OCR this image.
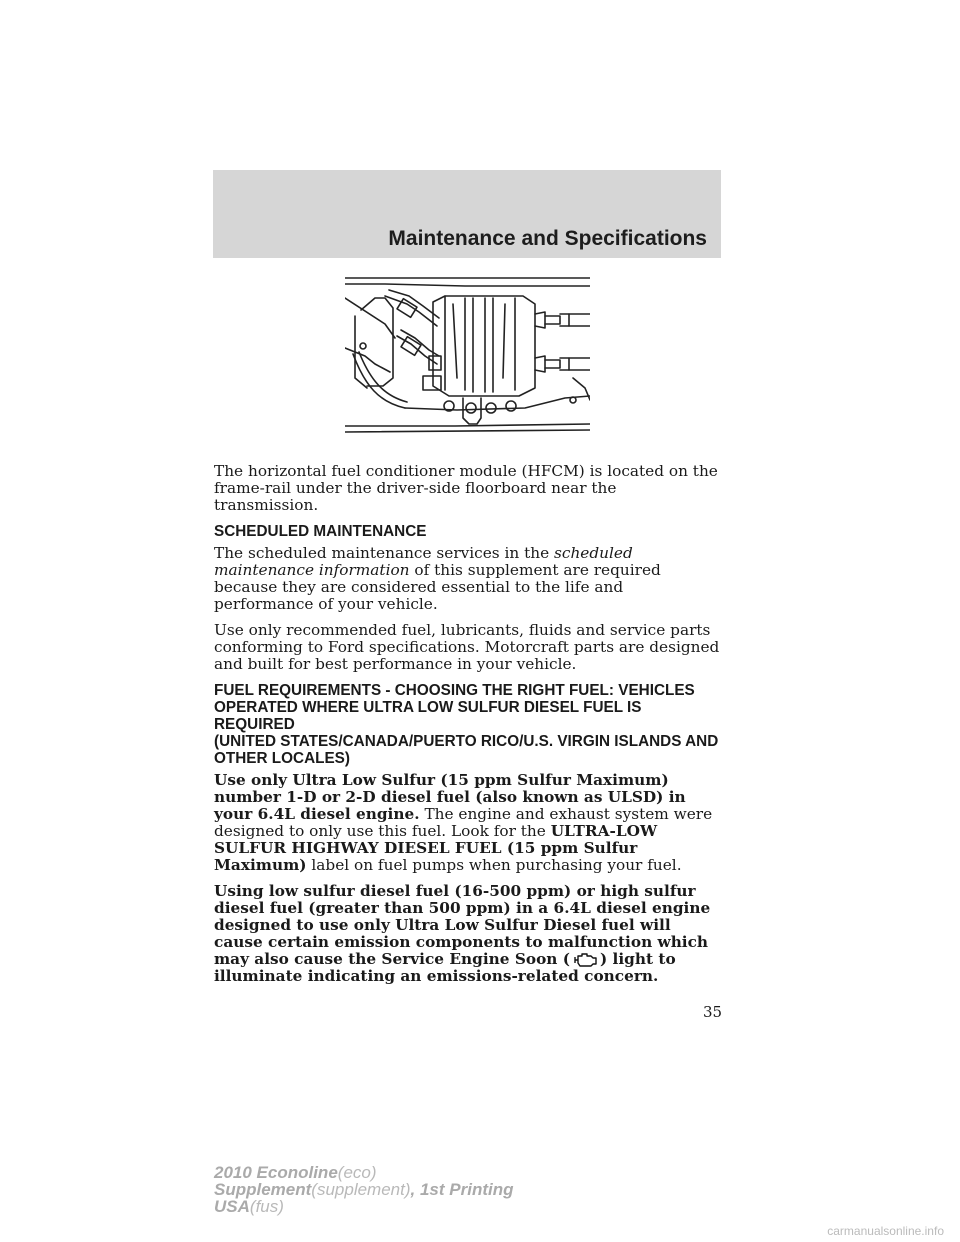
Maintenance and Specifications

The horizontal fuel conditioner module (HFCM) is located on the frame-rail under the driver-side floorboard near the transmission.

SCHEDULED MAINTENANCE

The scheduled maintenance services in the scheduled maintenance information of this supplement are required because they are considered essential to the life and performance of your vehicle.

Use only recommended fuel, lubricants, fluids and service parts conforming to Ford specifications. Motorcraft parts are designed and built for best performance in your vehicle.

FUEL REQUIREMENTS - CHOOSING THE RIGHT FUEL: VEHICLES OPERATED WHERE ULTRA LOW SULFUR DIESEL FUEL IS REQUIRED
(UNITED STATES/CANADA/PUERTO RICO/U.S. VIRGIN ISLANDS AND OTHER LOCALES)

Use only Ultra Low Sulfur (15 ppm Sulfur Maximum) number 1-D or 2-D diesel fuel (also known as ULSD) in your 6.4L diesel engine. The engine and exhaust system were designed to only use this fuel. Look for the ULTRA-LOW SULFUR HIGHWAY DIESEL FUEL (15 ppm Sulfur Maximum) label on fuel pumps when purchasing your fuel.

Using low sulfur diesel fuel (16-500 ppm) or high sulfur diesel fuel (greater than 500 ppm) in a 6.4L diesel engine designed to use only Ultra Low Sulfur Diesel fuel will cause certain emission components to malfunction which may also cause the Service Engine Soon ( ) light to illuminate indicating an emissions-related concern.

35
2010 Econoline(eco)
Supplement(supplement), 1st Printing
USA(fus)
carmanualsonline.info
